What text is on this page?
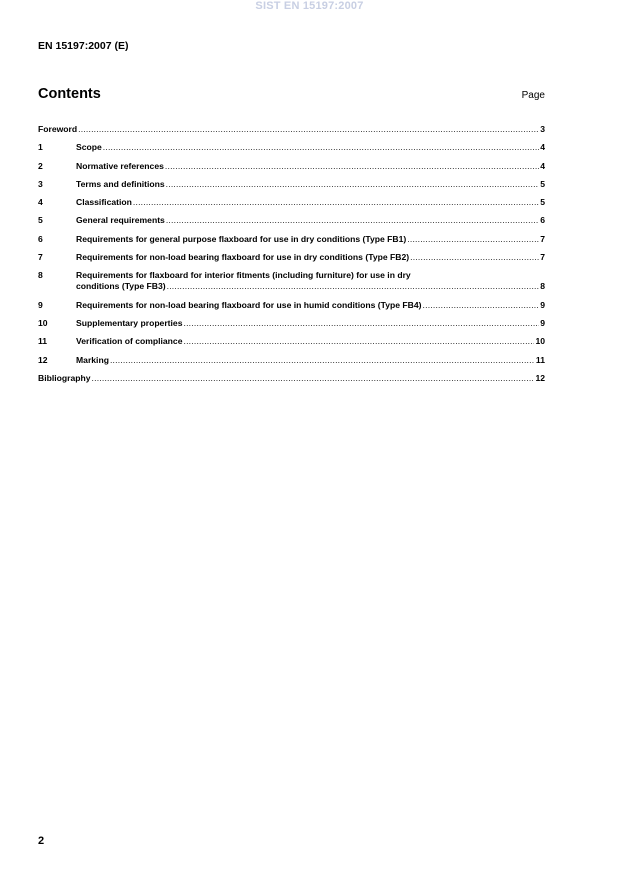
SIST EN 15197:2007
EN 15197:2007 (E)
Contents	Page
Foreword .....	3
1	Scope .....	4
2	Normative references .....	4
3	Terms and definitions .....	5
4	Classification .....	5
5	General requirements .....	6
6	Requirements for general purpose flaxboard for use in dry conditions (Type FB1) .....	7
7	Requirements for non-load bearing flaxboard for use in dry conditions (Type FB2) .....	7
8	Requirements for flaxboard for interior fitments (including furniture) for use in dry
conditions (Type FB3) .....	8
9	Requirements for non-load bearing flaxboard for use in humid conditions (Type FB4) .....	9
10	Supplementary properties .....	9
11	Verification of compliance .....	10
12	Marking .....	11
Bibliography .....	12
2
